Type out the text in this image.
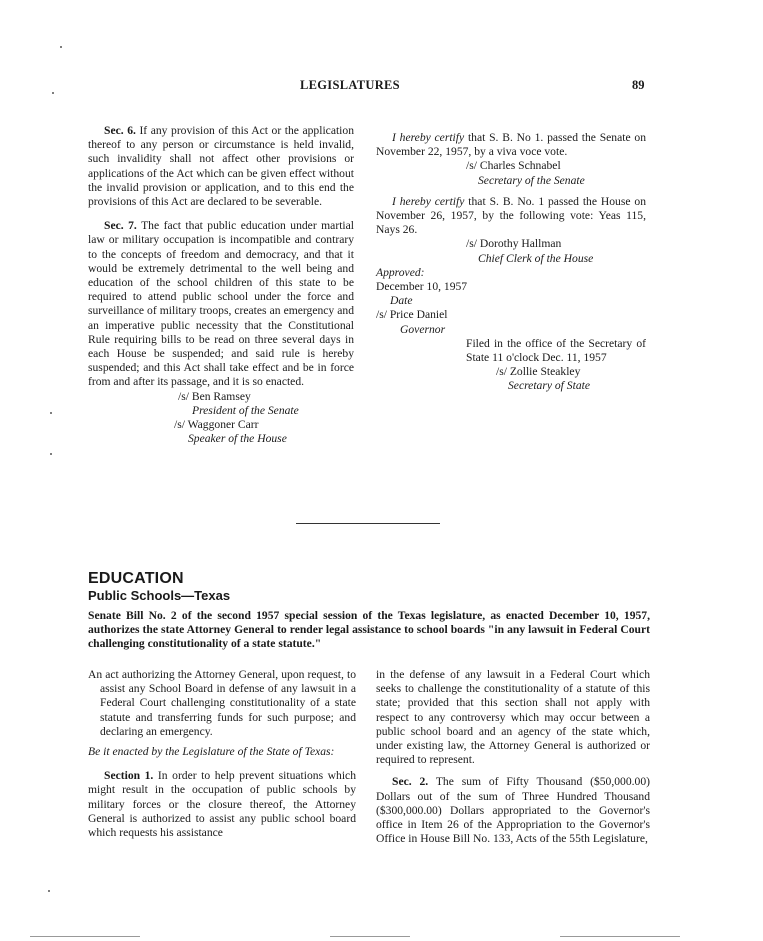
LEGISLATURES	89

Sec. 6. If any provision of this Act or the application thereof to any person or circumstance is held invalid, such invalidity shall not affect other provisions or applications of the Act which can be given effect without the invalid provision or application, and to this end the provisions of this Act are declared to be severable.

Sec. 7. The fact that public education under martial law or military occupation is incompatible and contrary to the concepts of freedom and democracy, and that it would be extremely detrimental to the well being and education of the school children of this state to be required to attend public school under the force and surveillance of military troops, creates an emergency and an imperative public necessity that the Constitutional Rule requiring bills to be read on three several days in each House be suspended; and said rule is hereby suspended; and this Act shall take effect and be in force from and after its passage, and it is so enacted.

/s/ Ben Ramsey

President of the Senate

/s/ Waggoner Carr

Speaker of the House

I hereby certify that S. B. No 1. passed the Senate on November 22, 1957, by a viva voce vote.

/s/ Charles Schnabel

Secretary of the Senate

I hereby certify that S. B. No. 1 passed the House on November 26, 1957, by the following vote: Yeas 115, Nays 26.

/s/ Dorothy Hallman

Chief Clerk of the House

Approved:

December 10, 1957

Date

/s/ Price Daniel

Governor

Filed in the office of the Secretary of State 11 o'clock Dec. 11, 1957

/s/ Zollie Steakley

Secretary of State

EDUCATION
Public Schools—Texas
Senate Bill No. 2 of the second 1957 special session of the Texas legislature, as enacted December 10, 1957, authorizes the state Attorney General to render legal assistance to school boards "in any lawsuit in Federal Court challenging constitutionality of a state statute."

An act authorizing the Attorney General, upon request, to assist any School Board in defense of any lawsuit in a Federal Court challenging constitutionality of a state statute and transferring funds for such purpose; and declaring an emergency.

Be it enacted by the Legislature of the State of Texas:

Section 1. In order to help prevent situations which might result in the occupation of public schools by military forces or the closure thereof, the Attorney General is authorized to assist any public school board which requests his assistance

in the defense of any lawsuit in a Federal Court which seeks to challenge the constitutionality of a statute of this state; provided that this section shall not apply with respect to any controversy which may occur between a public school board and an agency of the state which, under existing law, the Attorney General is authorized or required to represent.

Sec. 2. The sum of Fifty Thousand ($50,000.00) Dollars out of the sum of Three Hundred Thousand ($300,000.00) Dollars appropriated to the Governor's office in Item 26 of the Appropriation to the Governor's Office in House Bill No. 133, Acts of the 55th Legislature,
